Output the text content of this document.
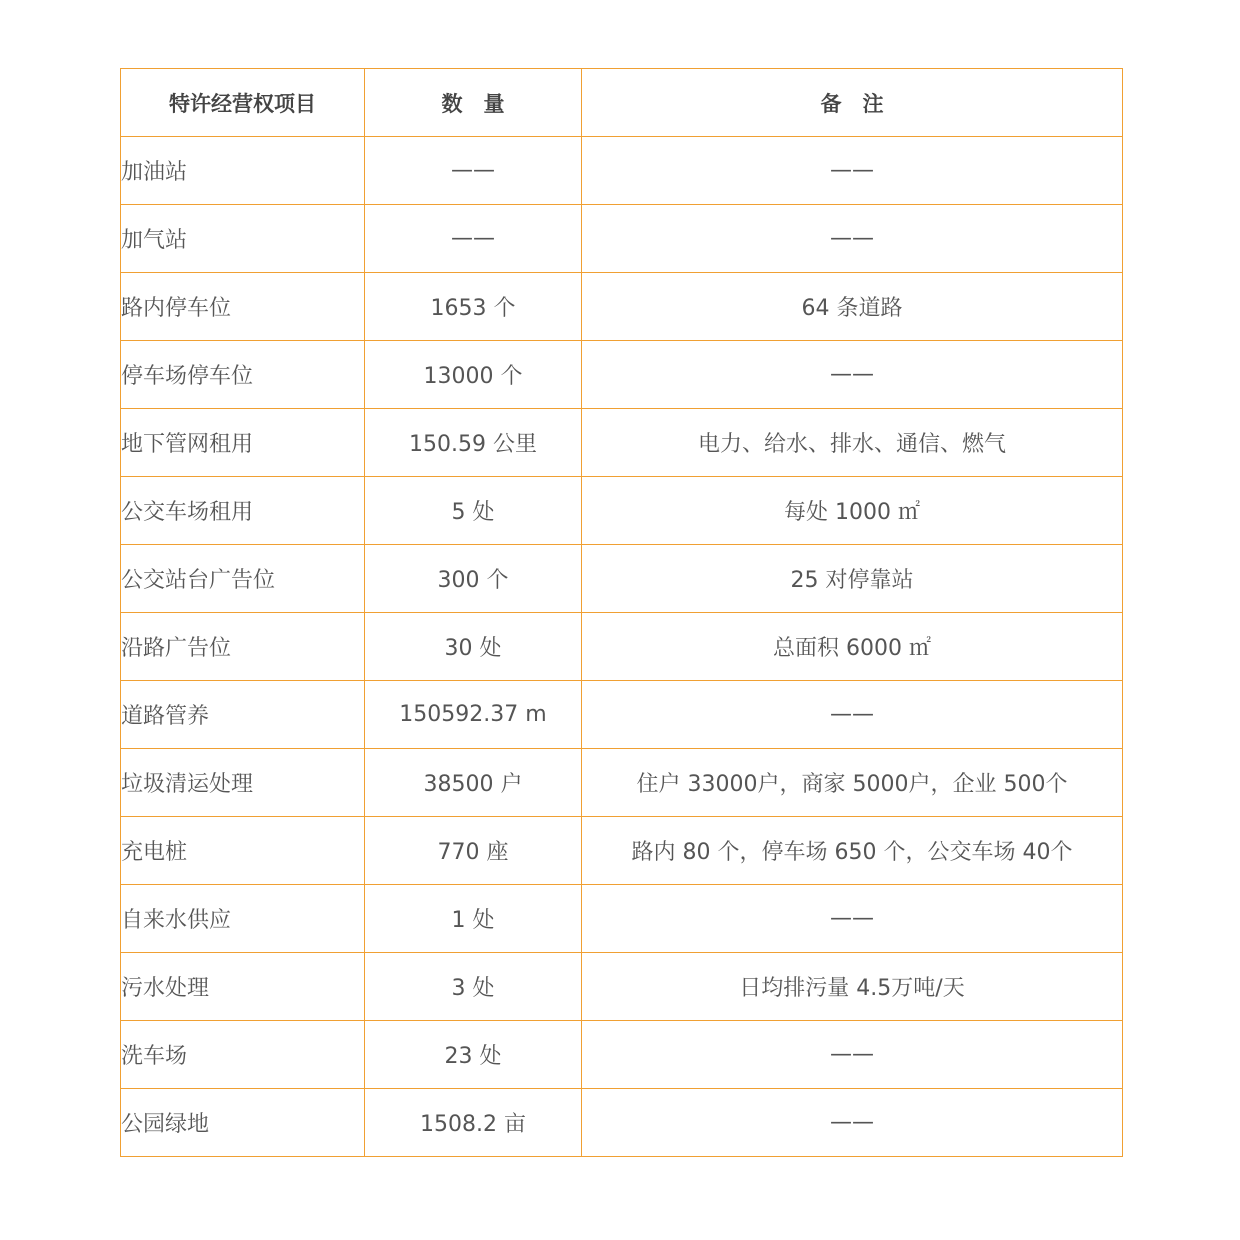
特许经营权项目	数　量	备　注
加油站	——	——
加气站	——	——
路内停车位	1653 个	64 条道路
停车场停车位	13000 个	——
地下管网租用	150.59 公里	电力、给水、排水、通信、燃气
公交车场租用	5 处	每处 1000 ㎡
公交站台广告位	300 个	25 对停靠站
沿路广告位	30 处	总面积 6000 ㎡
道路管养	150592.37 m	——
垃圾清运处理	38500 户	住户 33000户，商家 5000户，企业 500个
充电桩	770 座	路内 80 个，停车场 650 个，公交车场 40个
自来水供应	1 处	——
污水处理	3 处	日均排污量 4.5万吨/天
洗车场	23 处	——
公园绿地	1508.2 亩	——
